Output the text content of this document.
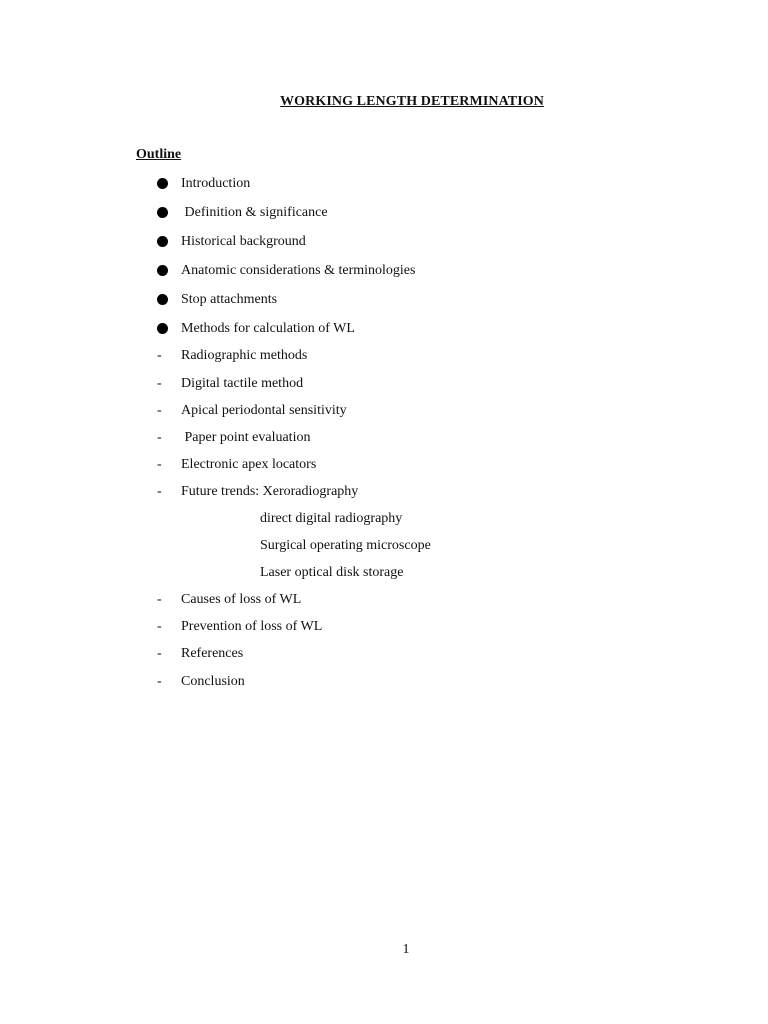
WORKING LENGTH DETERMINATION
Outline

Introduction

Definition & significance

Historical background

Anatomic considerations & terminologies

Stop attachments

Methods for calculation of WL

-

Radiographic methods

-

Digital tactile method

-

Apical periodontal sensitivity

-

Paper point evaluation

-

Electronic apex locators

-

Future trends: Xeroradiography

direct digital radiography

Surgical operating microscope

Laser optical disk storage

-

Causes of loss of WL

-

Prevention of loss of WL

-

References

-

Conclusion

1
